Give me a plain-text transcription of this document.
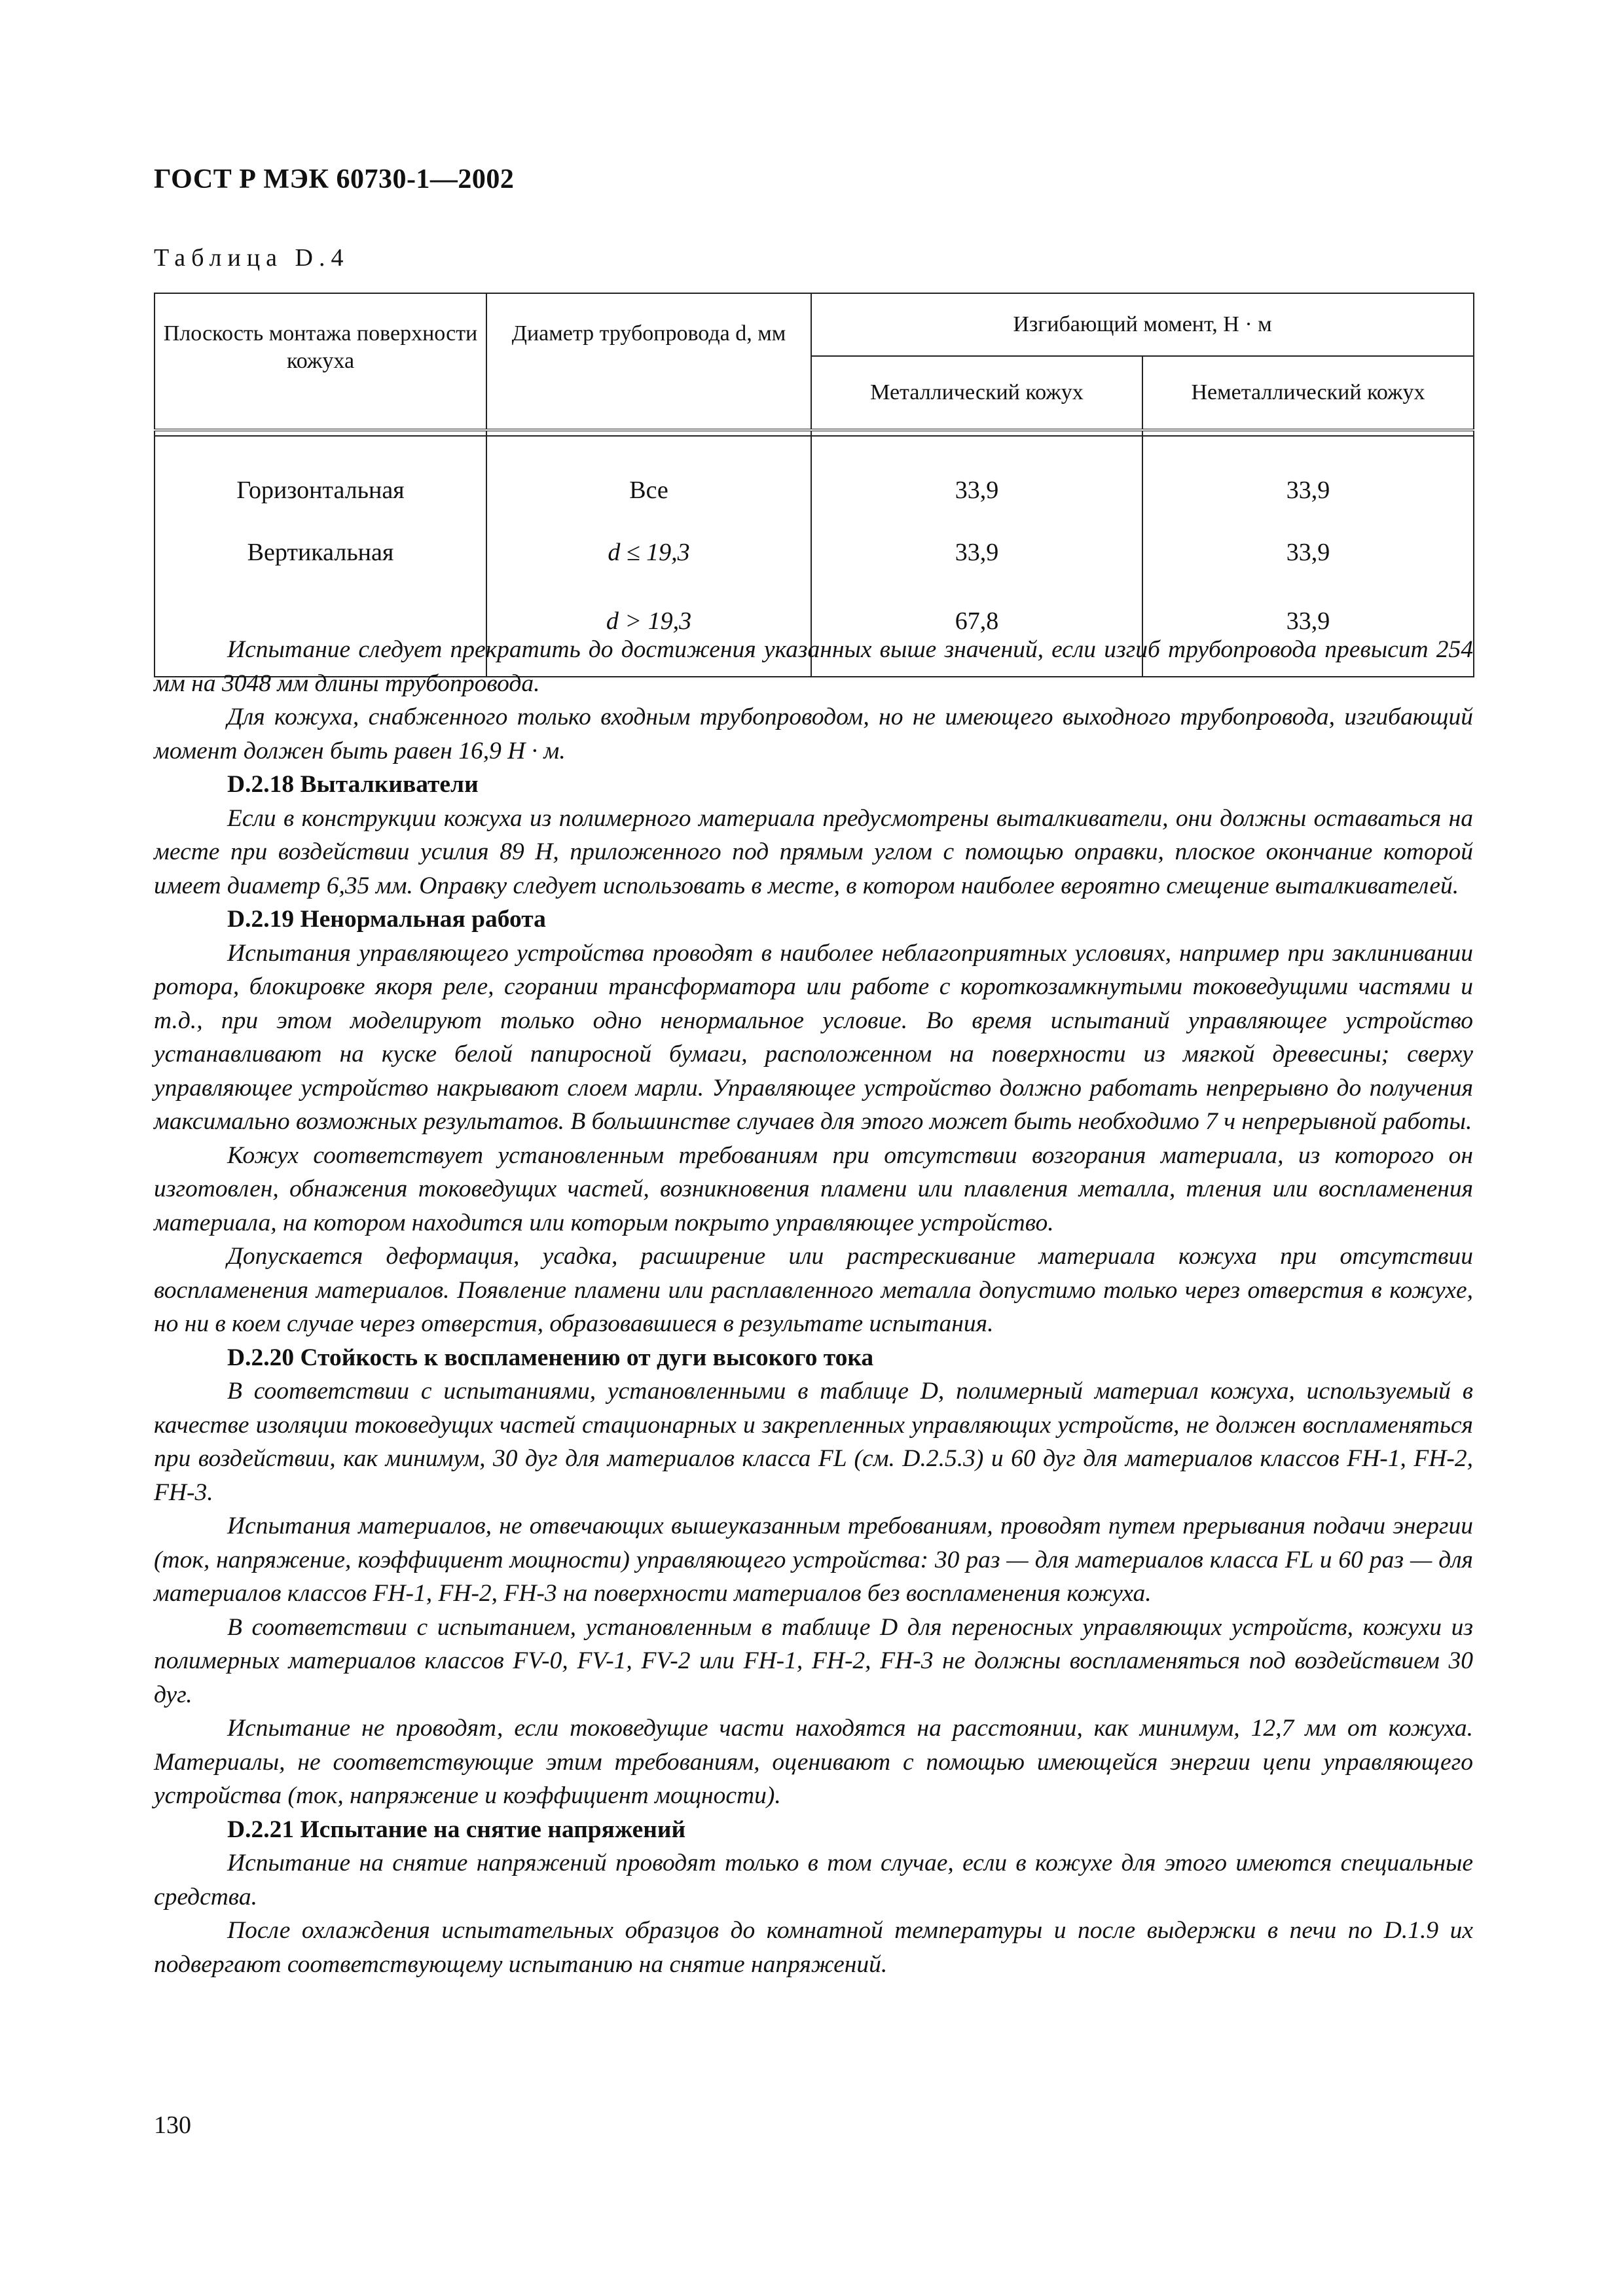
ГОСТ Р МЭК 60730-1—2002
Таблица D.4
Плоскость монтажа поверхности кожуха	Диаметр трубопровода d, мм	Изгибающий момент, Н · м	
		Металлический кожух	Неметаллический кожух

Горизонтальная	Все	33,9	33,9
Вертикальная	d ≤ 19,3	33,9	33,9
	d > 19,3	67,8	33,9

Испытание следует прекратить до достижения указанных выше значений, если изгиб трубопровода превысит 254 мм на 3048 мм длины трубопровода.

Для кожуха, снабженного только входным трубопроводом, но не имеющего выходного трубопровода, изгибающий момент должен быть равен 16,9 Н · м.

D.2.18 Выталкиватели

Если в конструкции кожуха из полимерного материала предусмотрены выталкиватели, они должны оставаться на месте при воздействии усилия 89 Н, приложенного под прямым углом с помощью оправки, плоское окончание которой имеет диаметр 6,35 мм. Оправку следует использовать в месте, в котором наиболее вероятно смещение выталкивателей.

D.2.19 Ненормальная работа

Испытания управляющего устройства проводят в наиболее неблагоприятных условиях, например при заклинивании ротора, блокировке якоря реле, сгорании трансформатора или работе с короткозамкнутыми токоведущими частями и т.д., при этом моделируют только одно ненормальное условие. Во время испытаний управляющее устройство устанавливают на куске белой папиросной бумаги, расположенном на поверхности из мягкой древесины; сверху управляющее устройство накрывают слоем марли. Управляющее устройство должно работать непрерывно до получения максимально возможных результатов. В большинстве случаев для этого может быть необходимо 7 ч непрерывной работы.

Кожух соответствует установленным требованиям при отсутствии возгорания материала, из которого он изготовлен, обнажения токоведущих частей, возникновения пламени или плавления металла, тления или воспламенения материала, на котором находится или которым покрыто управляющее устройство.

Допускается деформация, усадка, расширение или растрескивание материала кожуха при отсутствии воспламенения материалов. Появление пламени или расплавленного металла допустимо только через отверстия в кожухе, но ни в коем случае через отверстия, образовавшиеся в результате испытания.

D.2.20 Стойкость к воспламенению от дуги высокого тока

В соответствии с испытаниями, установленными в таблице D, полимерный материал кожуха, используемый в качестве изоляции токоведущих частей стационарных и закрепленных управляющих устройств, не должен воспламеняться при воздействии, как минимум, 30 дуг для материалов класса FL (см. D.2.5.3) и 60 дуг для материалов классов FH-1, FH-2, FH-3.

Испытания материалов, не отвечающих вышеуказанным требованиям, проводят путем прерывания подачи энергии (ток, напряжение, коэффициент мощности) управляющего устройства: 30 раз — для материалов класса FL и 60 раз — для материалов классов FH-1, FH-2, FH-3 на поверхности материалов без воспламенения кожуха.

В соответствии с испытанием, установленным в таблице D для переносных управляющих устройств, кожухи из полимерных материалов классов FV-0, FV-1, FV-2 или FH-1, FH-2, FH-3 не должны воспламеняться под воздействием 30 дуг.

Испытание не проводят, если токоведущие части находятся на расстоянии, как минимум, 12,7 мм от кожуха. Материалы, не соответствующие этим требованиям, оценивают с помощью имеющейся энергии цепи управляющего устройства (ток, напряжение и коэффициент мощности).

D.2.21 Испытание на снятие напряжений

Испытание на снятие напряжений проводят только в том случае, если в кожухе для этого имеются специальные средства.

После охлаждения испытательных образцов до комнатной температуры и после выдержки в печи по D.1.9 их подвергают соответствующему испытанию на снятие напряжений.

130
